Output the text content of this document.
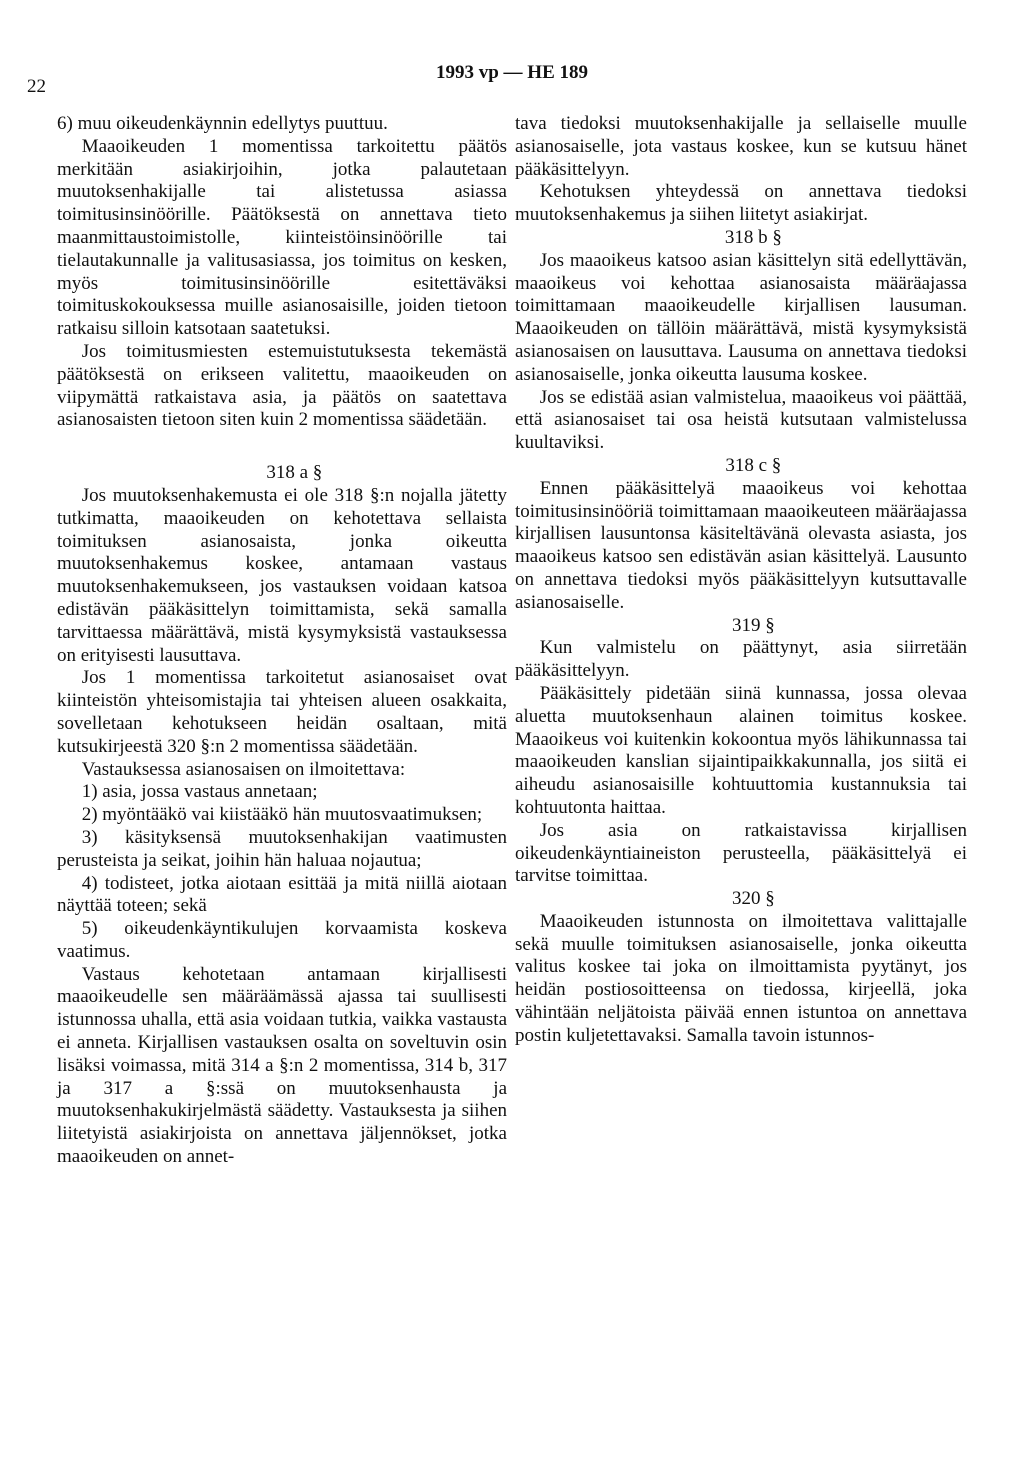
22
1993 vp — HE 189

6) muu oikeudenkäynnin edellytys puuttuu.

Maaoikeuden 1 momentissa tarkoitettu päätös merkitään asiakirjoihin, jotka palautetaan muutoksenhakijalle tai alistetussa asiassa toimitusinsinöörille. Päätöksestä on annettava tieto maanmittaustoimistolle, kiinteistöinsinöörille tai tielautakunnalle ja valitusasiassa, jos toimitus on kesken, myös toimitusinsinöörille esitettäväksi toimituskokouksessa muille asianosaisille, joiden tietoon ratkaisu silloin katsotaan saatetuksi.

Jos toimitusmiesten estemuistutuksesta tekemästä päätöksestä on erikseen valitettu, maaoikeuden on viipymättä ratkaistava asia, ja päätös on saatettava asianosaisten tietoon siten kuin 2 momentissa säädetään.

318 a §

Jos muutoksenhakemusta ei ole 318 §:n nojalla jätetty tutkimatta, maaoikeuden on kehotettava sellaista toimituksen asianosaista, jonka oikeutta muutoksenhakemus koskee, antamaan vastaus muutoksenhakemukseen, jos vastauksen voidaan katsoa edistävän pääkäsittelyn toimittamista, sekä samalla tarvittaessa määrättävä, mistä kysymyksistä vastauksessa on erityisesti lausuttava.

Jos 1 momentissa tarkoitetut asianosaiset ovat kiinteistön yhteisomistajia tai yhteisen alueen osakkaita, sovelletaan kehotukseen heidän osaltaan, mitä kutsukirjeestä 320 §:n 2 momentissa säädetään.

Vastauksessa asianosaisen on ilmoitettava:

1) asia, jossa vastaus annetaan;

2) myöntääkö vai kiistääkö hän muutosvaatimuksen;

3) käsityksensä muutoksenhakijan vaatimusten perusteista ja seikat, joihin hän haluaa nojautua;

4) todisteet, jotka aiotaan esittää ja mitä niillä aiotaan näyttää toteen; sekä

5) oikeudenkäyntikulujen korvaamista koskeva vaatimus.

Vastaus kehotetaan antamaan kirjallisesti maaoikeudelle sen määräämässä ajassa tai suullisesti istunnossa uhalla, että asia voidaan tutkia, vaikka vastausta ei anneta. Kirjallisen vastauksen osalta on soveltuvin osin lisäksi voimassa, mitä 314 a §:n 2 momentissa, 314 b, 317 ja 317 a §:ssä on muutoksenhausta ja muutoksenhakukirjelmästä säädetty. Vastauksesta ja siihen liitetyistä asiakirjoista on annettava jäljennökset, jotka maaoikeuden on annet-

tava tiedoksi muutoksenhakijalle ja sellaiselle muulle asianosaiselle, jota vastaus koskee, kun se kutsuu hänet pääkäsittelyyn.

Kehotuksen yhteydessä on annettava tiedoksi muutoksenhakemus ja siihen liitetyt asiakirjat.

318 b §

Jos maaoikeus katsoo asian käsittelyn sitä edellyttävän, maaoikeus voi kehottaa asianosaista määräajassa toimittamaan maaoikeudelle kirjallisen lausuman. Maaoikeuden on tällöin määrättävä, mistä kysymyksistä asianosaisen on lausuttava. Lausuma on annettava tiedoksi asianosaiselle, jonka oikeutta lausuma koskee.

Jos se edistää asian valmistelua, maaoikeus voi päättää, että asianosaiset tai osa heistä kutsutaan valmistelussa kuultaviksi.

318 c §

Ennen pääkäsittelyä maaoikeus voi kehottaa toimitusinsinööriä toimittamaan maaoikeuteen määräajassa kirjallisen lausuntonsa käsiteltävänä olevasta asiasta, jos maaoikeus katsoo sen edistävän asian käsittelyä. Lausunto on annettava tiedoksi myös pääkäsittelyyn kutsuttavalle asianosaiselle.

319 §

Kun valmistelu on päättynyt, asia siirretään pääkäsittelyyn.

Pääkäsittely pidetään siinä kunnassa, jossa olevaa aluetta muutoksenhaun alainen toimitus koskee. Maaoikeus voi kuitenkin kokoontua myös lähikunnassa tai maaoikeuden kanslian sijaintipaikkakunnalla, jos siitä ei aiheudu asianosaisille kohtuuttomia kustannuksia tai kohtuutonta haittaa.

Jos asia on ratkaistavissa kirjallisen oikeudenkäyntiaineiston perusteella, pääkäsittelyä ei tarvitse toimittaa.

320 §

Maaoikeuden istunnosta on ilmoitettava valittajalle sekä muulle toimituksen asianosaiselle, jonka oikeutta valitus koskee tai joka on ilmoittamista pyytänyt, jos heidän postiosoitteensa on tiedossa, kirjeellä, joka vähintään neljätoista päivää ennen istuntoa on annettava postin kuljetettavaksi. Samalla tavoin istunnos-
